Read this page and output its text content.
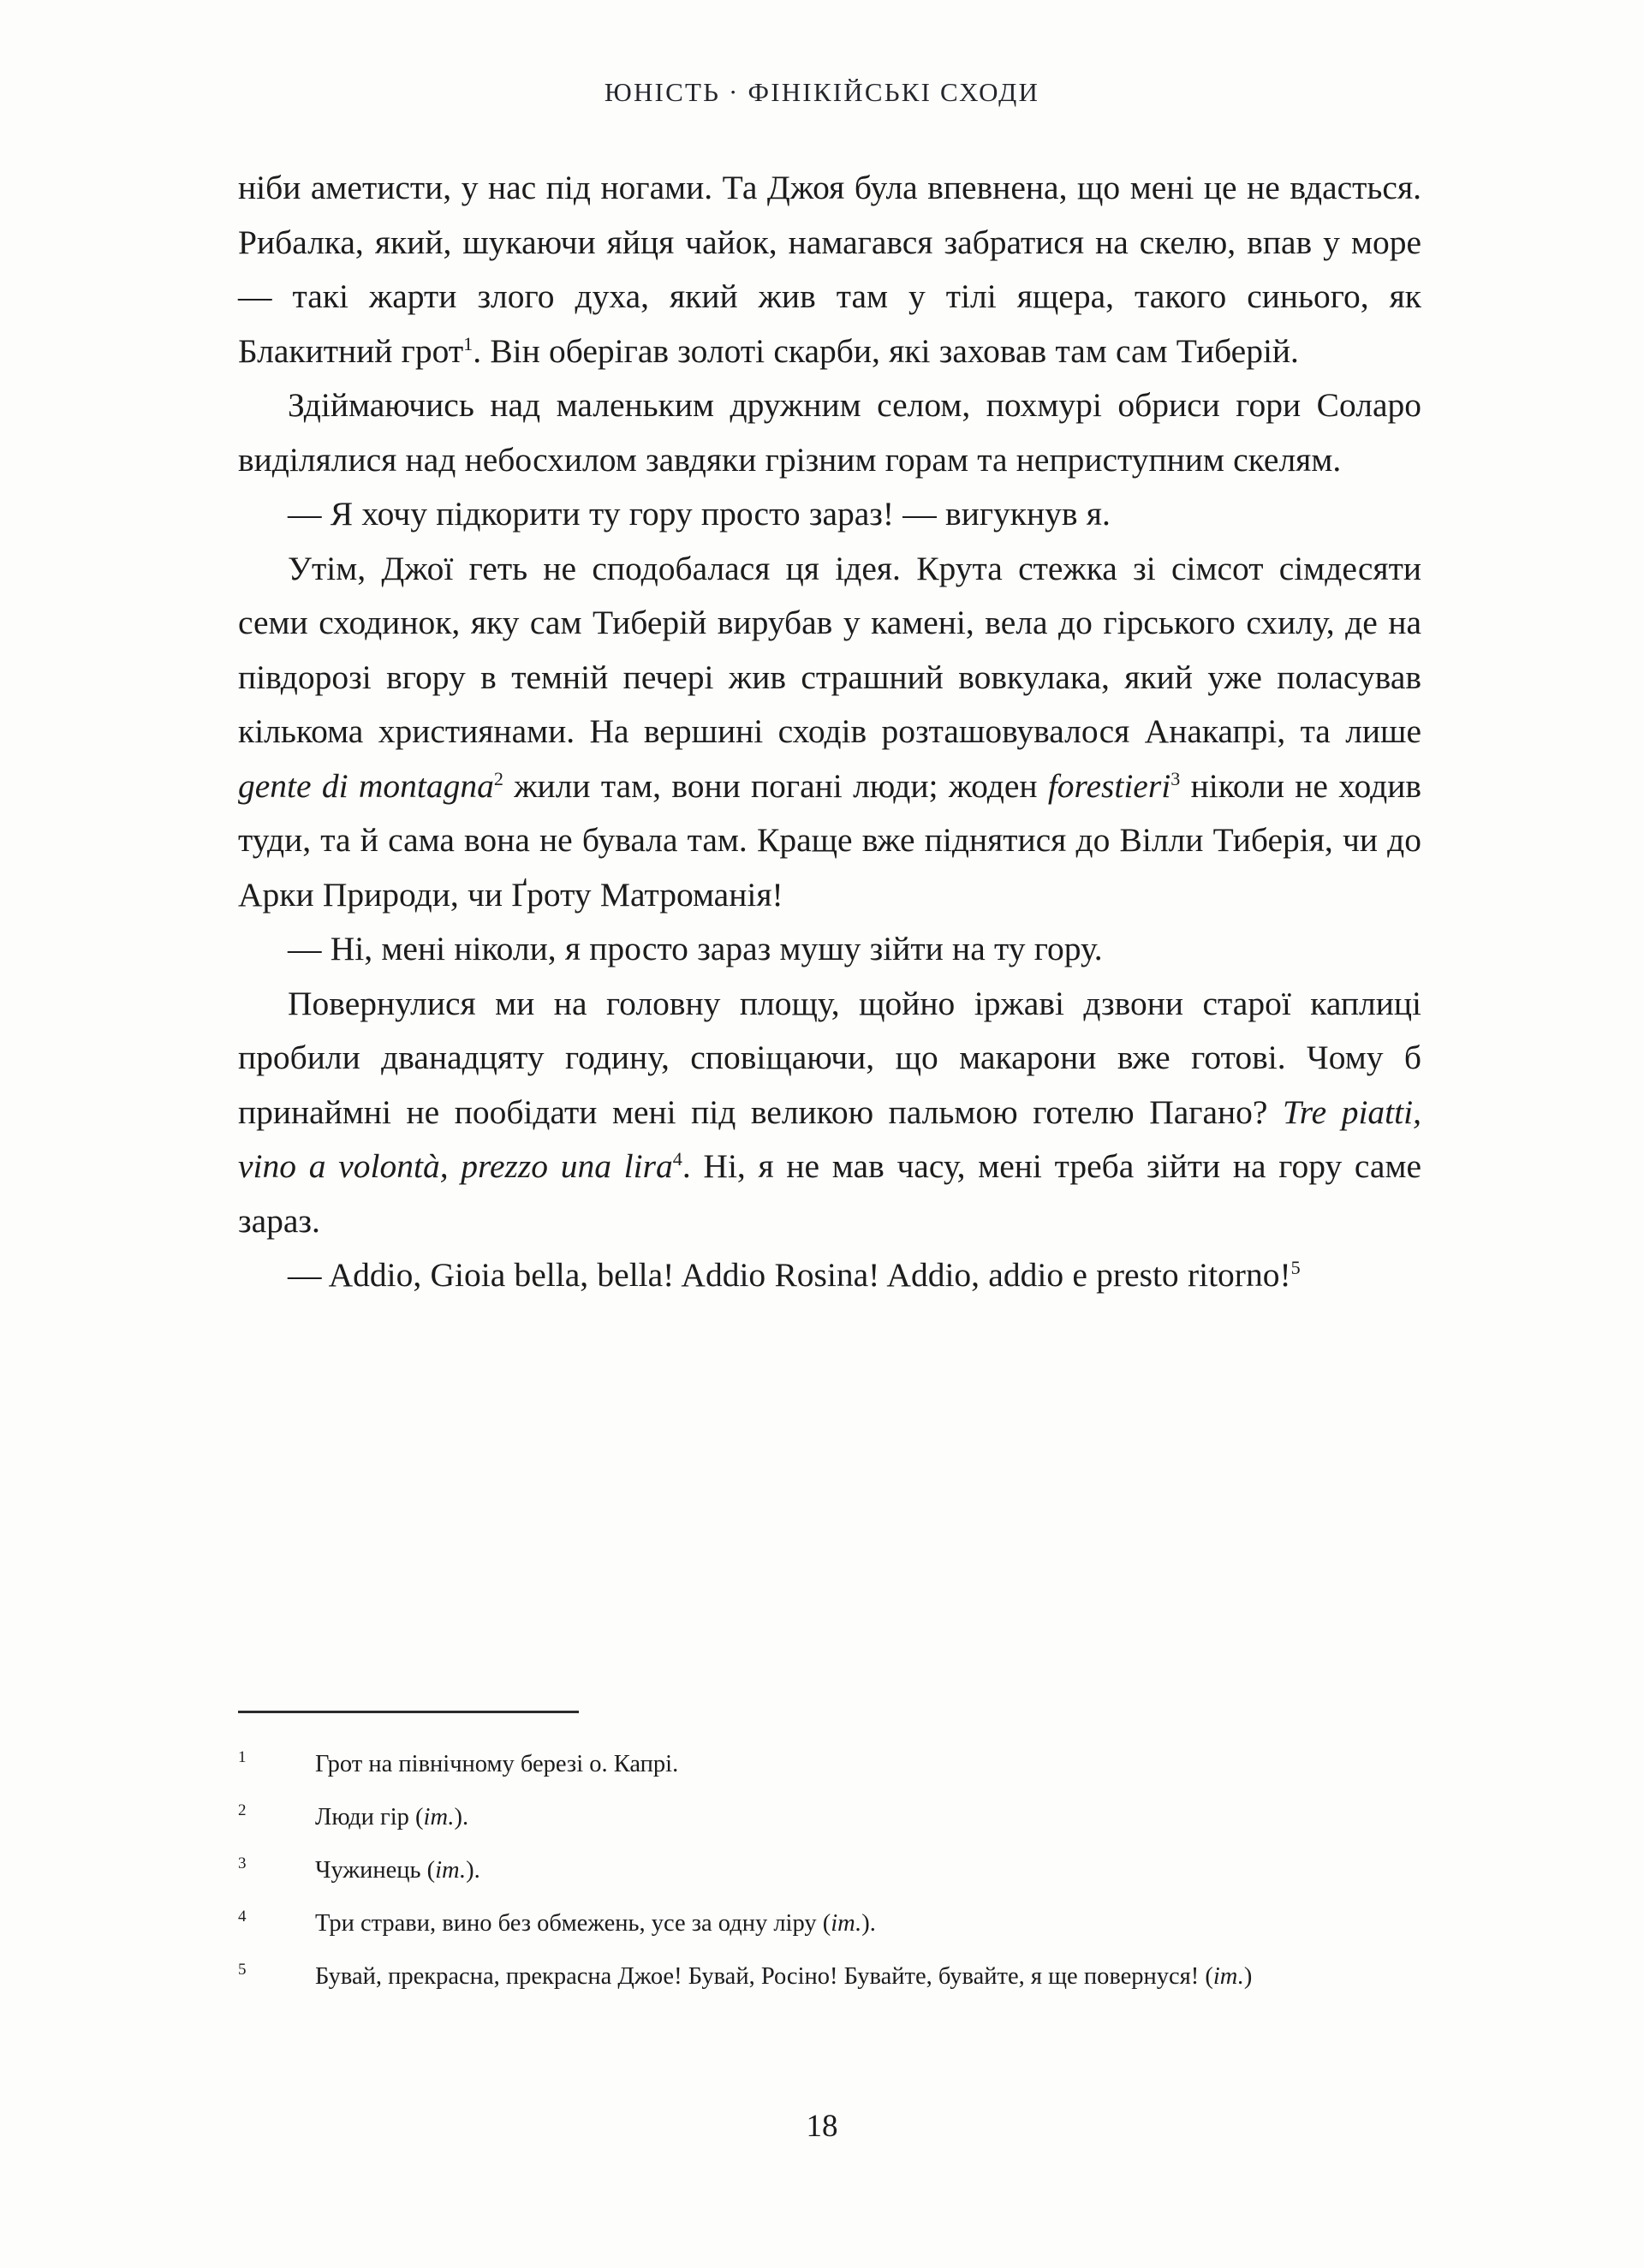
ЮНІСТЬ · ФІНІКІЙСЬКІ СХОДИ

ніби аметисти, у нас під ногами. Та Джоя була впевнена, що мені це не вдасться. Рибалка, який, шукаючи яйця чайок, намагався забратися на скелю, впав у море — такі жарти злого духа, який жив там у тілі ящера, такого синього, як Блакитний грот$^1$. Він оберігав золоті скарби, які заховав там сам Тиберій.

Здіймаючись над маленьким дружним селом, похмурі обриси гори Соларо виділялися над небосхилом завдяки грізним горам та неприступним скелям.

— Я хочу підкорити ту гору просто зараз! — вигукнув я.

Утім, Джої геть не сподобалася ця ідея. Крута стежка зі сімсот сімдесяти семи сходинок, яку сам Тиберій вирубав у камені, вела до гірського схилу, де на півдорозі вгору в темній печері жив страшний вовкулака, який уже поласував кількома християнами. На вершині сходів розташовувалося Анакапрі, та лише gente di montagna$^2$ жили там, вони погані люди; жоден forestieri$^3$ ніколи не ходив туди, та й сама вона не бувала там. Краще вже піднятися до Вілли Тиберія, чи до Арки Природи, чи Ґроту Матроманія!

— Ні, мені ніколи, я просто зараз мушу зійти на ту гору.

Повернулися ми на головну площу, щойно іржаві дзвони старої каплиці пробили дванадцяту годину, сповіщаючи, що макарони вже готові. Чому б принаймні не пообідати мені під великою пальмою готелю Пагано? Tre piatti, vino a volontà, prezzo una lira$^4$. Ні, я не мав часу, мені треба зійти на гору саме зараз.

— Addio, Gioia bella, bella! Addio Rosina! Addio, addio e presto ritorno!$^5$

1	Грот на північному березі о. Капрі.

2	Люди гір (іт.).

3	Чужинець (іт.).

4	Три страви, вино без обмежень, усе за одну ліру (іт.).

5	Бувай, прекрасна, прекрасна Джое! Бувай, Росіно! Бувайте, бувайте, я ще повернуся! (іт.)

18
